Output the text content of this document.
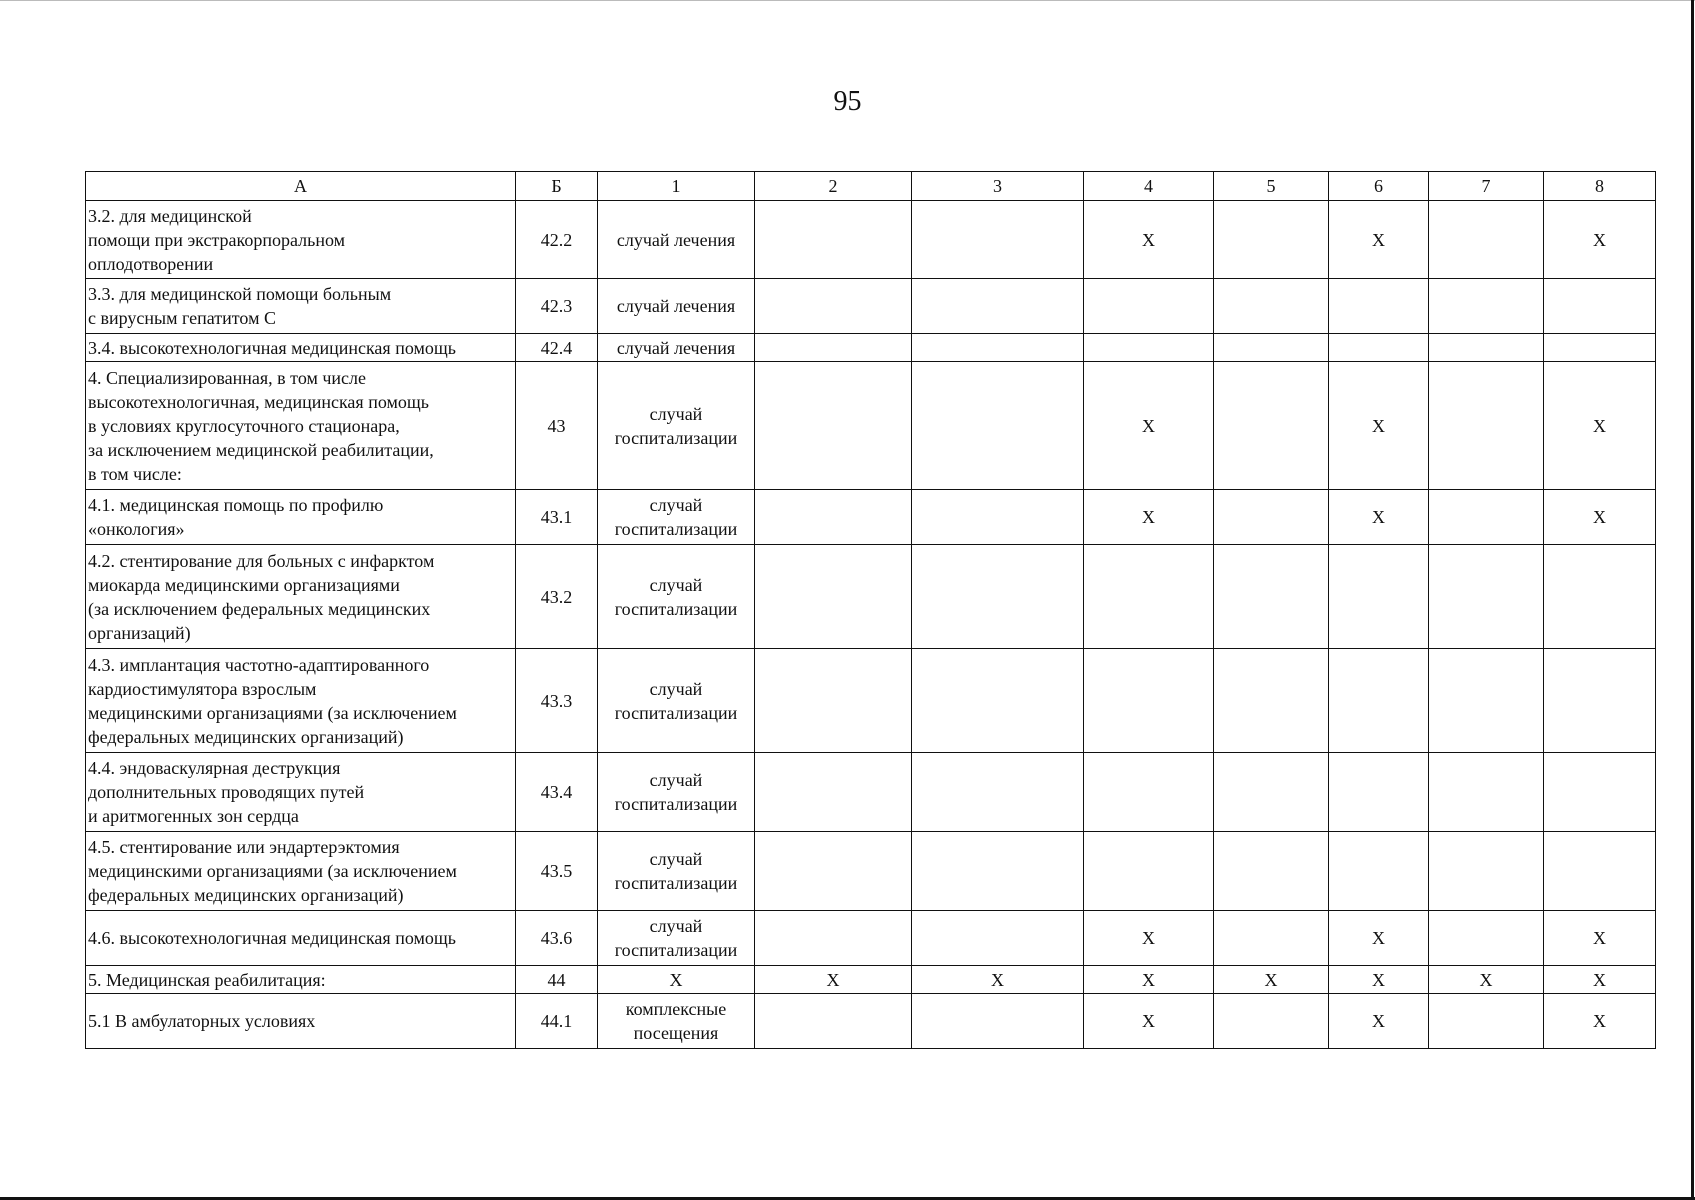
95
А	Б	1	2	3	4	5	6	7	8
3.2. для медицинской
помощи при экстракорпоральном
оплодотворении	42.2	случай лечения			Х		Х		Х
3.3. для медицинской помощи больным
с вирусным гепатитом С	42.3	случай лечения							
3.4. высокотехнологичная медицинская помощь	42.4	случай лечения							
4. Специализированная, в том числе
высокотехнологичная, медицинская помощь
в условиях круглосуточного стационара,
за исключением медицинской реабилитации,
в том числе:	43	случай
госпитализации			Х		Х		Х
4.1. медицинская помощь по профилю
«онкология»	43.1	случай
госпитализации			Х		Х		Х
4.2. стентирование для больных с инфарктом
миокарда медицинскими организациями
(за исключением федеральных медицинских
организаций)	43.2	случай
госпитализации							
4.3. имплантация частотно-адаптированного
кардиостимулятора взрослым
медицинскими организациями (за исключением
федеральных медицинских организаций)	43.3	случай
госпитализации							
4.4. эндоваскулярная деструкция
дополнительных проводящих путей
и аритмогенных зон сердца	43.4	случай
госпитализации							
4.5. стентирование или эндартерэктомия
медицинскими организациями (за исключением
федеральных медицинских организаций)	43.5	случай
госпитализации							
4.6. высокотехнологичная медицинская помощь	43.6	случай
госпитализации			Х		Х		Х
5. Медицинская реабилитация:	44	Х	Х	Х	Х	Х	Х	Х	Х
5.1 В амбулаторных условиях	44.1	комплексные
посещения			Х		Х		Х
